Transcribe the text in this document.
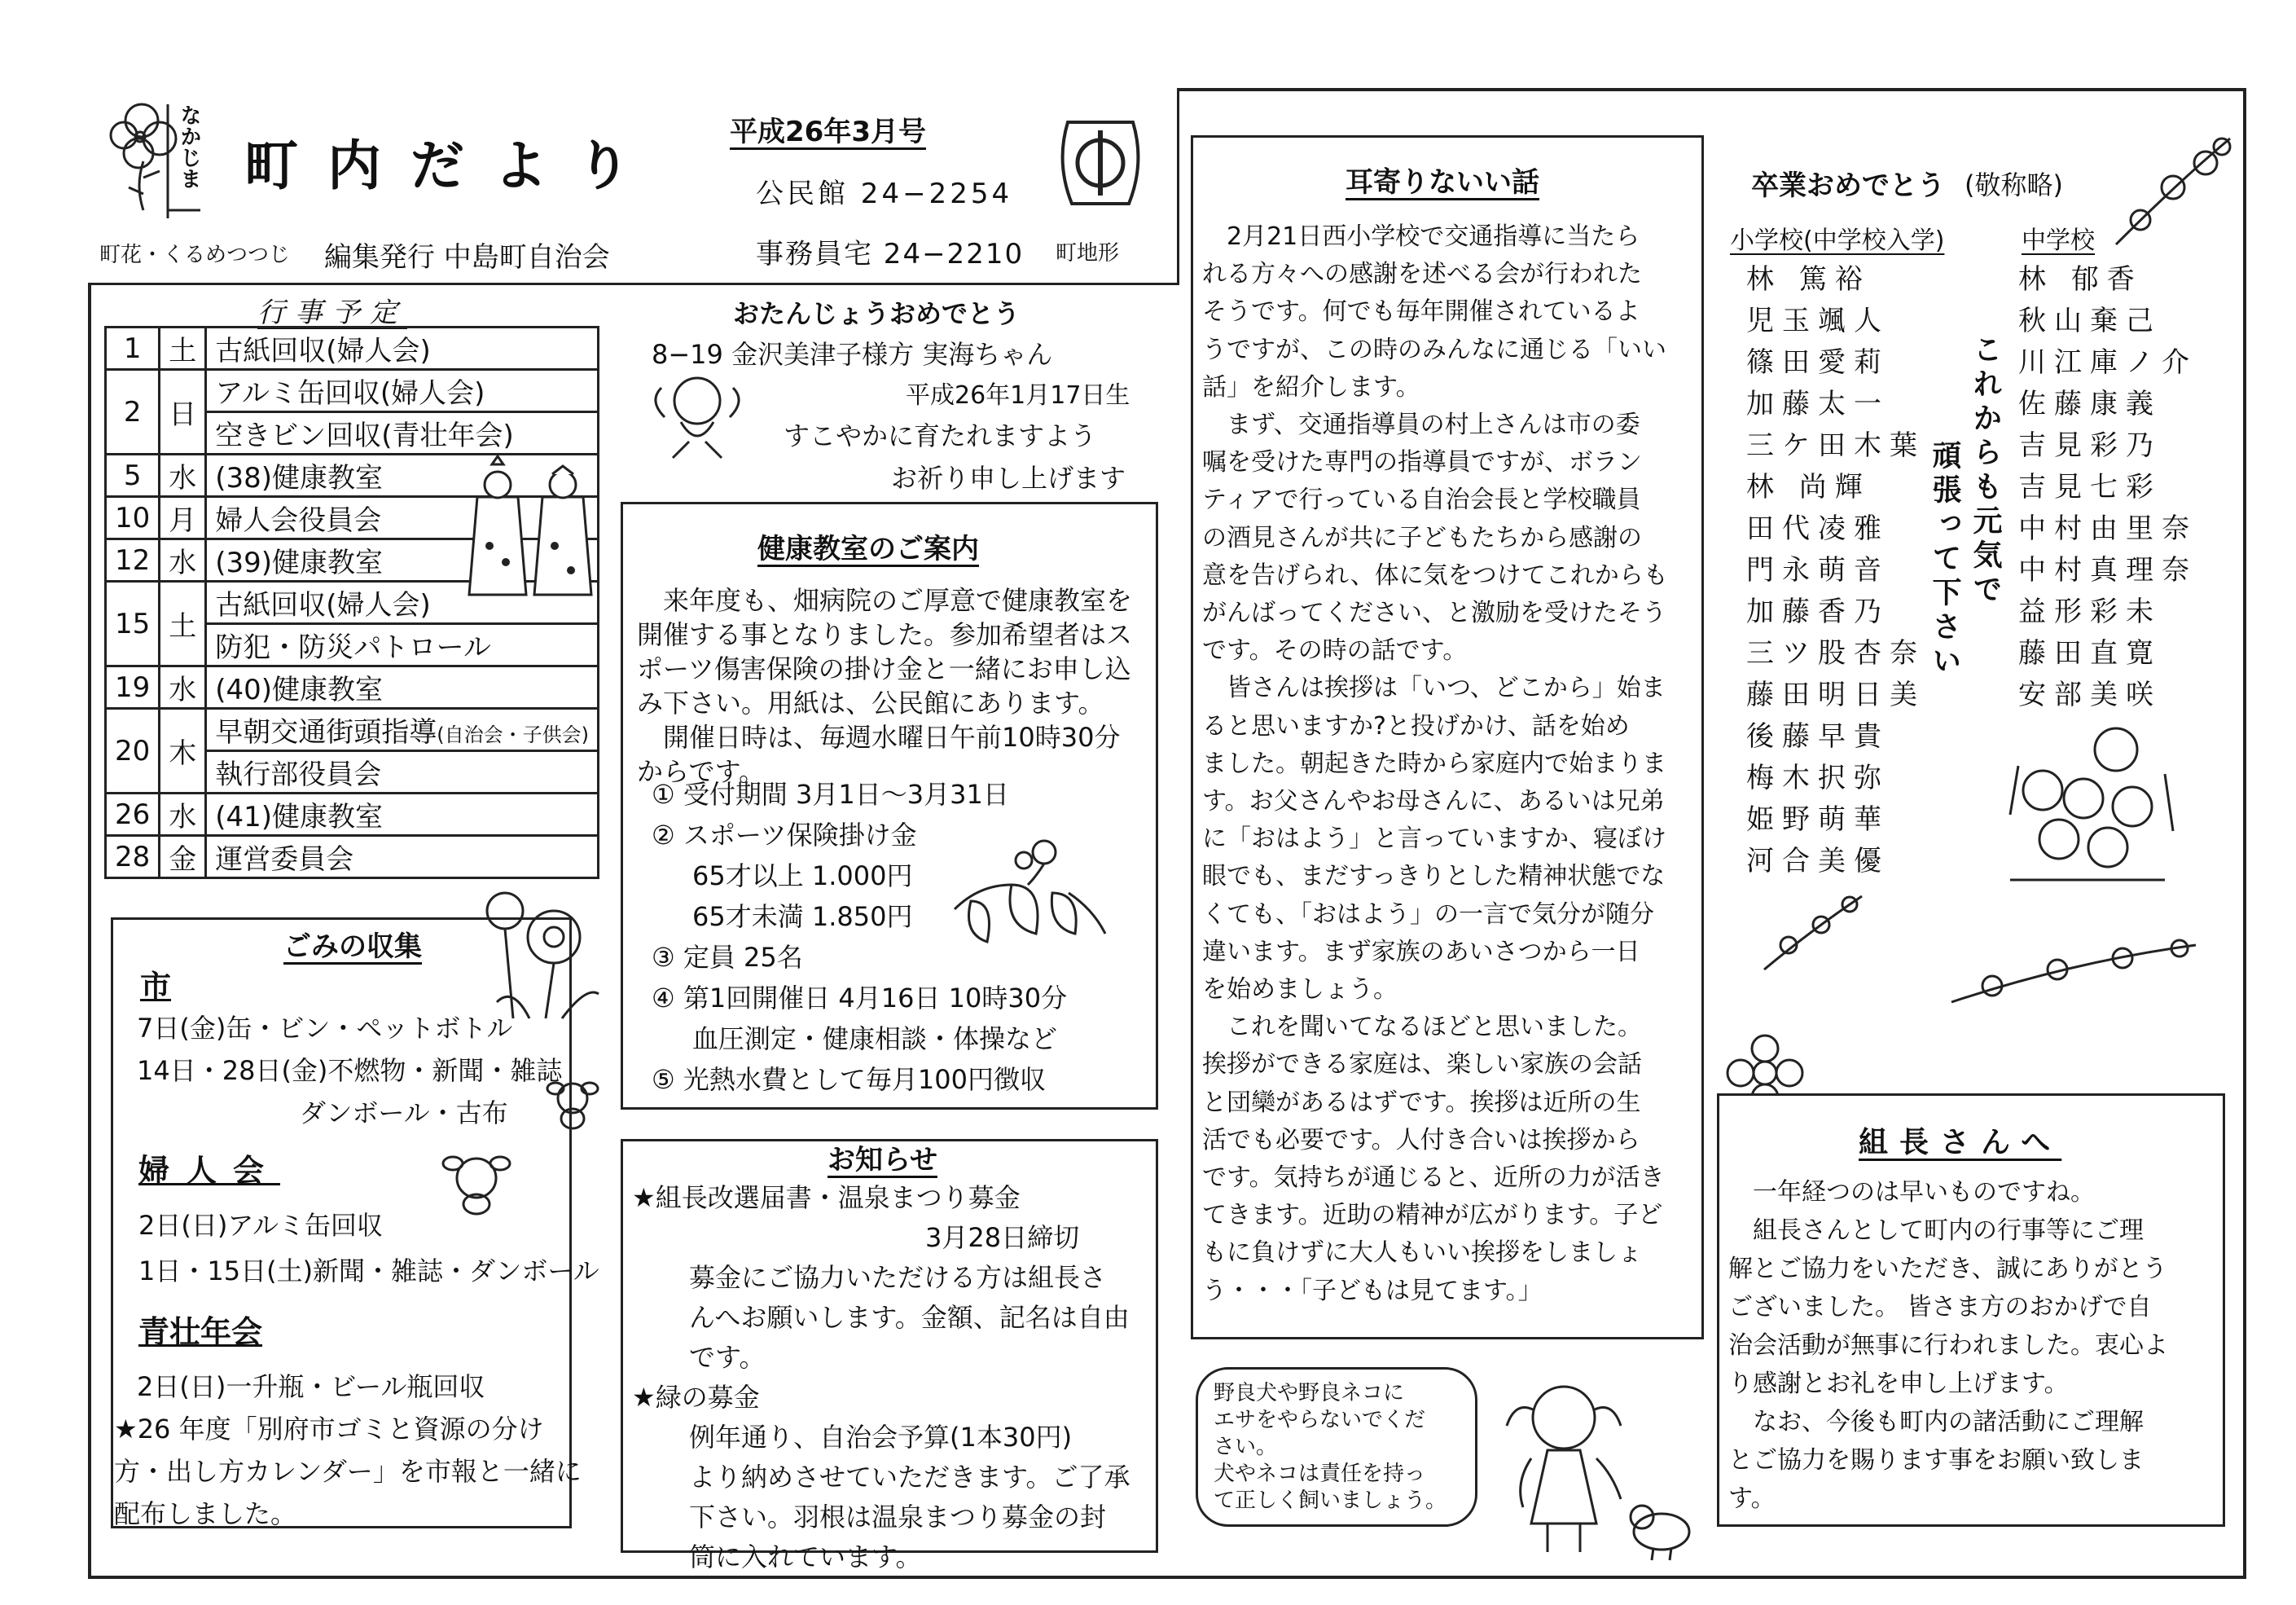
なかじま
町花・くるめつつじ
町内だより
編集発行 中島町自治会
平成26年3月号
公民館 24−2254
事務員宅 24−2210 町地形
行事予定
1	土	古紙回収(婦人会)
2	日	アルミ缶回収(婦人会)
		空きビン回収(青壮年会)
5	水	(38)健康教室
10	月	婦人会役員会
12	水	(39)健康教室
15	土	古紙回収(婦人会)
		防犯・防災パトロール
19	水	(40)健康教室
20	木	早朝交通街頭指導(自治会・子供会)
		執行部役員会
26	水	(41)健康教室
28	金	運営委員会
ごみの収集
市
7日(金)缶・ビン・ペットボトル
14日・28日(金)不燃物・新聞・雑誌
ダンボール・古布
婦人会
2日(日)アルミ缶回収
1日・15日(土)新聞・雑誌・ダンボール
青壮年会
2日(日)一升瓶・ビール瓶回収
★26 年度「別府市ゴミと資源の分け
方・出し方カレンダー」を市報と一緒に
配布しました。
おたんじょうおめでとう
8−19 金沢美津子様方 実海ちゃん
平成26年1月17日生
すこやかに育たれますよう
お祈り申し上げます
健康教室のご案内

来年度も、畑病院のご厚意で健康教室を開催する事となりました。参加希望者はスポーツ傷害保険の掛け金と一緒にお申し込み下さい。用紙は、公民館にあります。

開催日時は、毎週水曜日午前10時30分からです。

① 受付期間 3月1日〜3月31日
② スポーツ保険掛け金
65才以上 1.000円
65才未満 1.850円
③ 定員 25名
④ 第1回開催日 4月16日 10時30分
血圧測定・健康相談・体操など
⑤ 光熱水費として毎月100円徴収
お知らせ
★組長改選届書・温泉まつり募金
3月28日締切
募金にご協力いただける方は組長さ
んへお願いします。金額、記名は自由
です。
★緑の募金
例年通り、自治会予算(1本30円)
より納めさせていただきます。ご了承
下さい。羽根は温泉まつり募金の封
筒に入れています。
耳寄りないい話
2月21日西小学校で交通指導に当たら
れる方々への感謝を述べる会が行われた
そうです。何でも毎年開催されているよ
うですが、この時のみんなに通じる「いい
話」を紹介します。
まず、交通指導員の村上さんは市の委
嘱を受けた専門の指導員ですが、ボラン
ティアで行っている自治会長と学校職員
の酒見さんが共に子どもたちから感謝の
意を告げられ、体に気をつけてこれからも
がんばってください、と激励を受けたそう
です。その時の話です。
皆さんは挨拶は「いつ、どこから」始ま
ると思いますか?と投げかけ、話を始め
ました。朝起きた時から家庭内で始まりま
す。お父さんやお母さんに、あるいは兄弟
に「おはよう」と言っていますか、寝ぼけ
眼でも、まだすっきりとした精神状態でな
くても、「おはよう」の一言で気分が随分
違います。まず家族のあいさつから一日
を始めましょう。
これを聞いてなるほどと思いました。
挨拶ができる家庭は、楽しい家族の会話
と団欒があるはずです。挨拶は近所の生
活でも必要です。人付き合いは挨拶から
です。気持ちが通じると、近所の力が活き
てきます。近助の精神が広がります。子ど
もに負けずに大人もいい挨拶をしましょ
う・・・「子どもは見てます。」
野良犬や野良ネコに
エサをやらないでくだ
さい。
犬やネコは責任を持っ
て正しく飼いましょう。
卒業おめでとう (敬称略)
小学校(中学校入学)	中学校
林 篤裕
児玉颯人
篠田愛莉
加藤太一
三ケ田木葉
林 尚輝
田代凌雅
門永萌音
加藤香乃
三ツ股杏奈
藤田明日美
後藤早貴
梅木択弥
姫野萌華
河合美優
林 郁香
秋山棄己
川江庫ノ介
佐藤康義
吉見彩乃
吉見七彩
中村由里奈
中村真理奈
益形彩未
藤田直寛
安部美咲
これからも元気で
頑張って下さい
組長さんへ
一年経つのは早いものですね。
組長さんとして町内の行事等にご理
解とご協力をいただき、誠にありがとう
ございました。 皆さま方のおかげで自
治会活動が無事に行われました。衷心よ
り感謝とお礼を申し上げます。
なお、今後も町内の諸活動にご理解
とご協力を賜ります事をお願い致しま
す。
